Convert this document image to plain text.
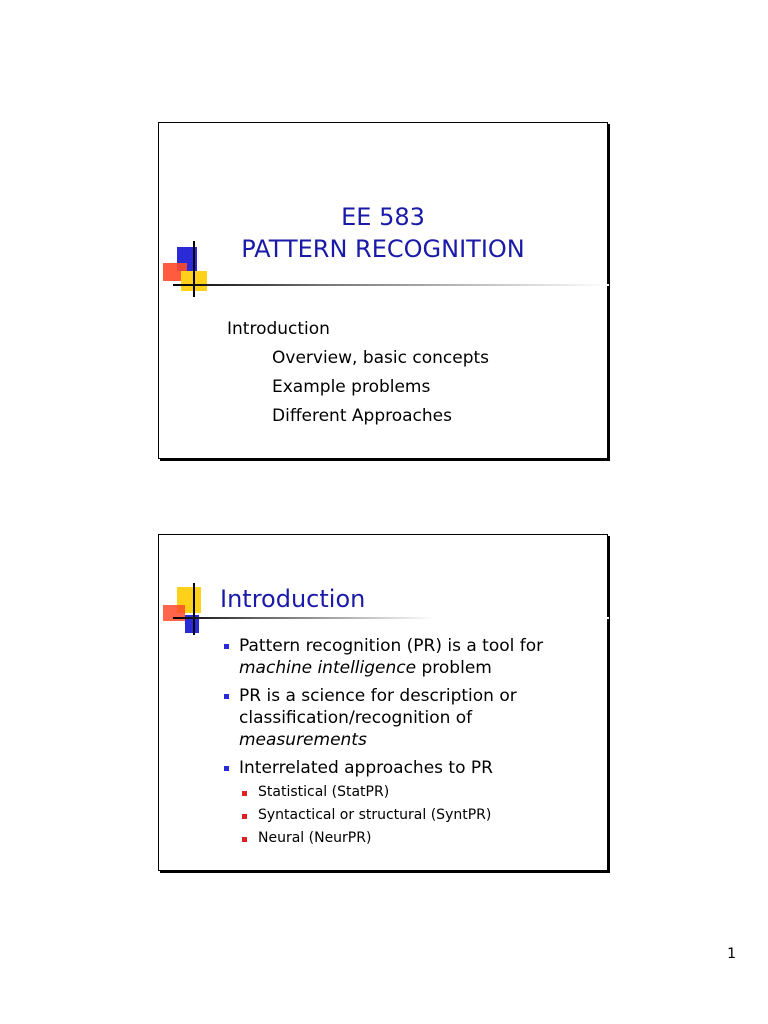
EE 583
PATTERN RECOGNITION
Introduction
Overview, basic concepts
Example problems
Different Approaches
Introduction
Pattern recognition (PR) is a tool for machine intelligence problem
PR is a science for description or classification/recognition of measurements
Interrelated approaches to PR
Statistical (StatPR)
Syntactical or structural (SyntPR)
Neural (NeurPR)
1
